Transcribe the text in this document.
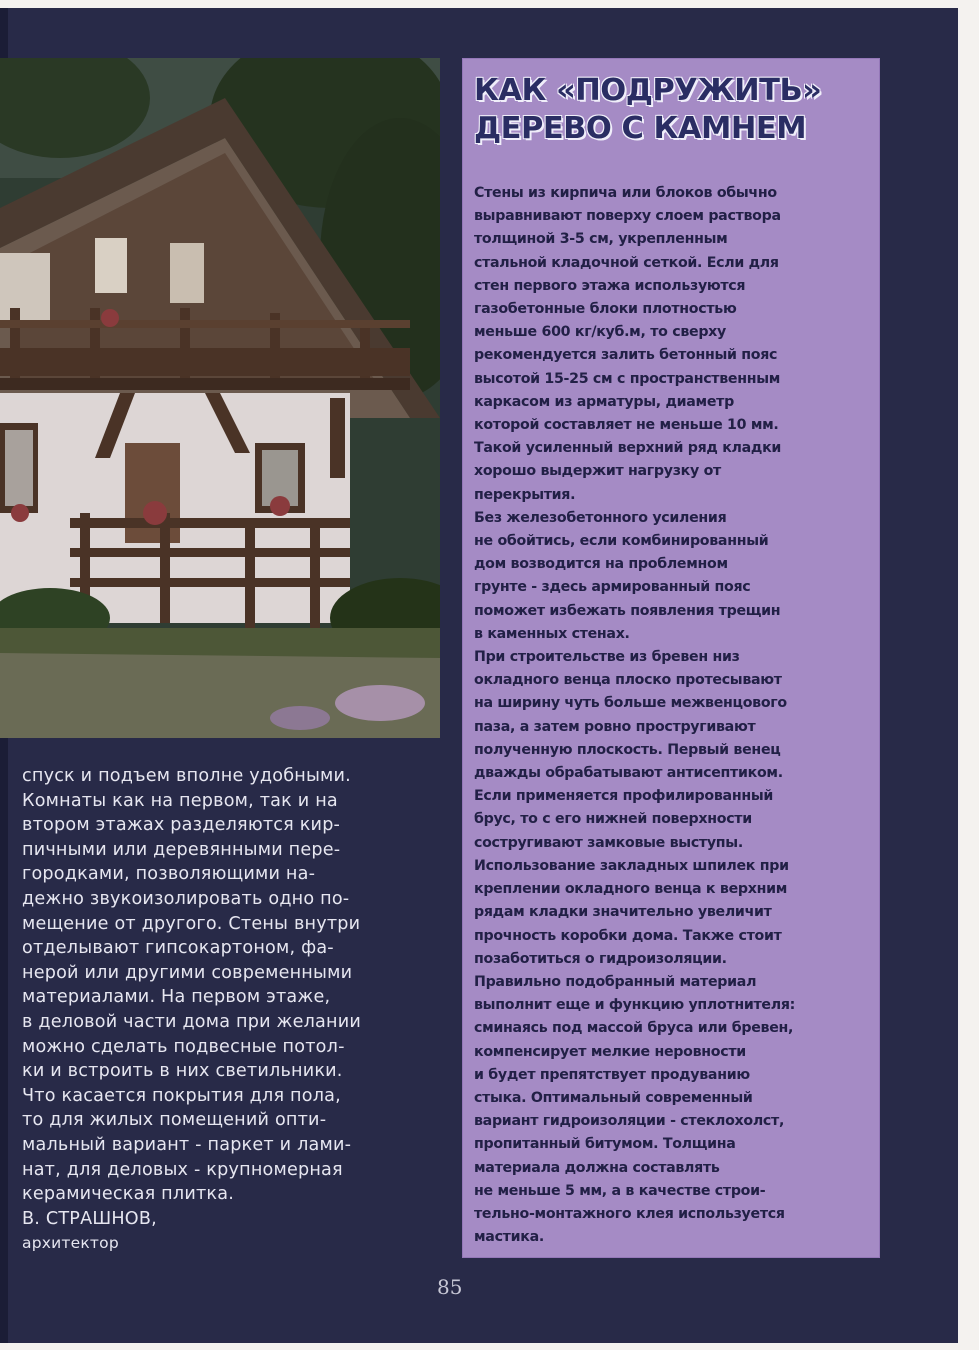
спуск и подъем вполне удобными.
Комнаты как на первом, так и на
втором этажах разделяются кир-
пичными или деревянными пере-
городками, позволяющими на-
дежно звукоизолировать одно по-
мещение от другого. Стены внутри
отделывают гипсокартоном, фа-
нерой или другими современными
материалами. На первом этаже,
в деловой части дома при желании
можно сделать подвесные потол-
ки и встроить в них светильники.
Что касается покрытия для пола,
то для жилых помещений опти-
мальный вариант - паркет и лами-
нат, для деловых - крупномерная
керамическая плитка.
В. СТРАШНОВ,
архитектор
КАК «ПОДРУЖИТЬ»
ДЕРЕВО С КАМНЕМ
Стены из кирпича или блоков обычно
выравнивают поверху слоем раствора
толщиной 3-5 см, укрепленным
стальной кладочной сеткой. Если для
стен первого этажа используются
газобетонные блоки плотностью
меньше 600 кг/куб.м, то сверху
рекомендуется залить бетонный пояс
высотой 15-25 см с пространственным
каркасом из арматуры, диаметр
которой составляет не меньше 10 мм.
Такой усиленный верхний ряд кладки
хорошо выдержит нагрузку от
перекрытия.
Без железобетонного усиления
не обойтись, если комбинированный
дом возводится на проблемном
грунте - здесь армированный пояс
поможет избежать появления трещин
в каменных стенах.
При строительстве из бревен низ
окладного венца плоско протесывают
на ширину чуть больше межвенцового
паза, а затем ровно простругивают
полученную плоскость. Первый венец
дважды обрабатывают антисептиком.
Если применяется профилированный
брус, то с его нижней поверхности
состругивают замковые выступы.
Использование закладных шпилек при
креплении окладного венца к верхним
рядам кладки значительно увеличит
прочность коробки дома. Также стоит
позаботиться о гидроизоляции.
Правильно подобранный материал
выполнит еще и функцию уплотнителя:
сминаясь под массой бруса или бревен,
компенсирует мелкие неровности
и будет препятствует продуванию
стыка. Оптимальный современный
вариант гидроизоляции - стеклохолст,
пропитанный битумом. Толщина
материала должна составлять
не меньше 5 мм, а в качестве строи-
тельно-монтажного клея используется
мастика.
85
